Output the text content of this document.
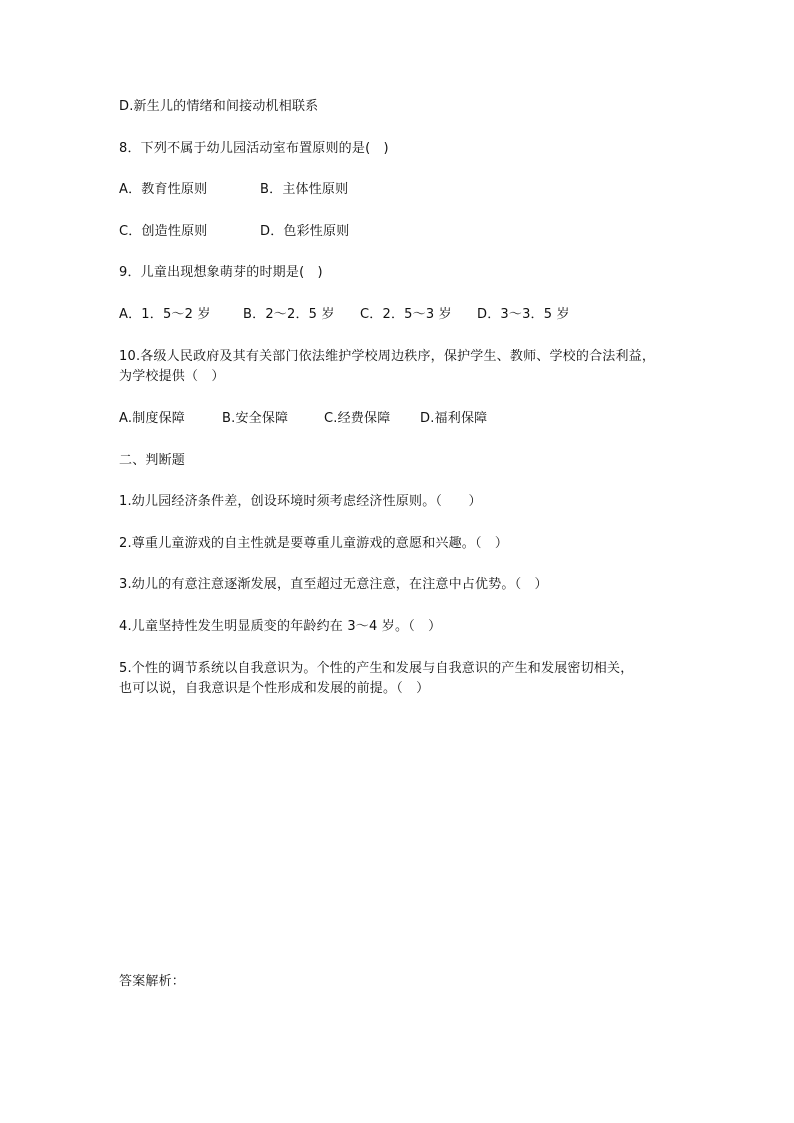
D.新生儿的情绪和间接动机相联系
8．下列不属于幼儿园活动室布置原则的是(　)
A．教育性原则	B．主体性原则
C．创造性原则	D．色彩性原则
9．儿童出现想象萌芽的时期是(　)
A．1．5～2 岁 B．2～2．5 岁 C．2．5～3 岁 D．3～3．5 岁
10.各级人民政府及其有关部门依法维护学校周边秩序，保护学生、教师、学校的合法利益，
为学校提供（　）
A.制度保障	B.安全保障	C.经费保障 D.福利保障
二、判断题
1.幼儿园经济条件差，创设环境时须考虑经济性原则。（　　）
2.尊重儿童游戏的自主性就是要尊重儿童游戏的意愿和兴趣。（　）
3.幼儿的有意注意逐渐发展，直至超过无意注意，在注意中占优势。（　）
4.儿童坚持性发生明显质变的年龄约在 3～4 岁。（　）
5.个性的调节系统以自我意识为。个性的产生和发展与自我意识的产生和发展密切相关，
也可以说，自我意识是个性形成和发展的前提。（　）
答案解析：
